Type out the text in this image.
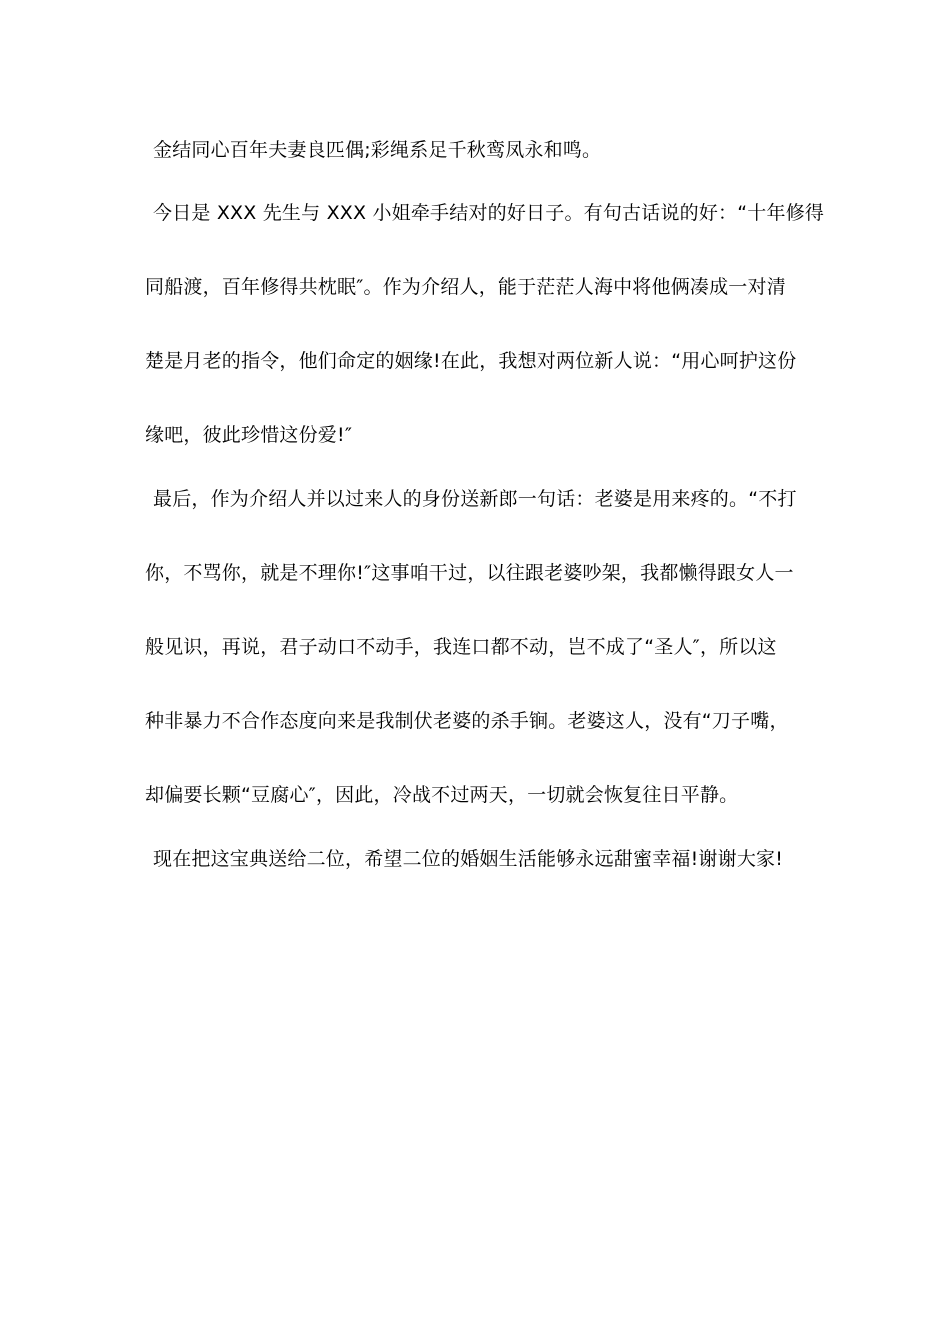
金结同心百年夫妻良匹偶;彩绳系足千秋鸾凤永和鸣。
今日是 XXX 先生与 XXX 小姐牵手结对的好日子。有句古话说的好：“十年修得
同船渡，百年修得共枕眠″。作为介绍人，能于茫茫人海中将他俩凑成一对清
楚是月老的指令，他们命定的姻缘!在此，我想对两位新人说：“用心呵护这份
缘吧，彼此珍惜这份爱!″
最后，作为介绍人并以过来人的身份送新郎一句话：老婆是用来疼的。“不打
你，不骂你，就是不理你!″这事咱干过，以往跟老婆吵架，我都懒得跟女人一
般见识，再说，君子动口不动手，我连口都不动，岂不成了“圣人″，所以这
种非暴力不合作态度向来是我制伏老婆的杀手锏。老婆这人，没有“刀子嘴，
却偏要长颗“豆腐心″，因此，冷战不过两天，一切就会恢复往日平静。
现在把这宝典送给二位，希望二位的婚姻生活能够永远甜蜜幸福!谢谢大家!
